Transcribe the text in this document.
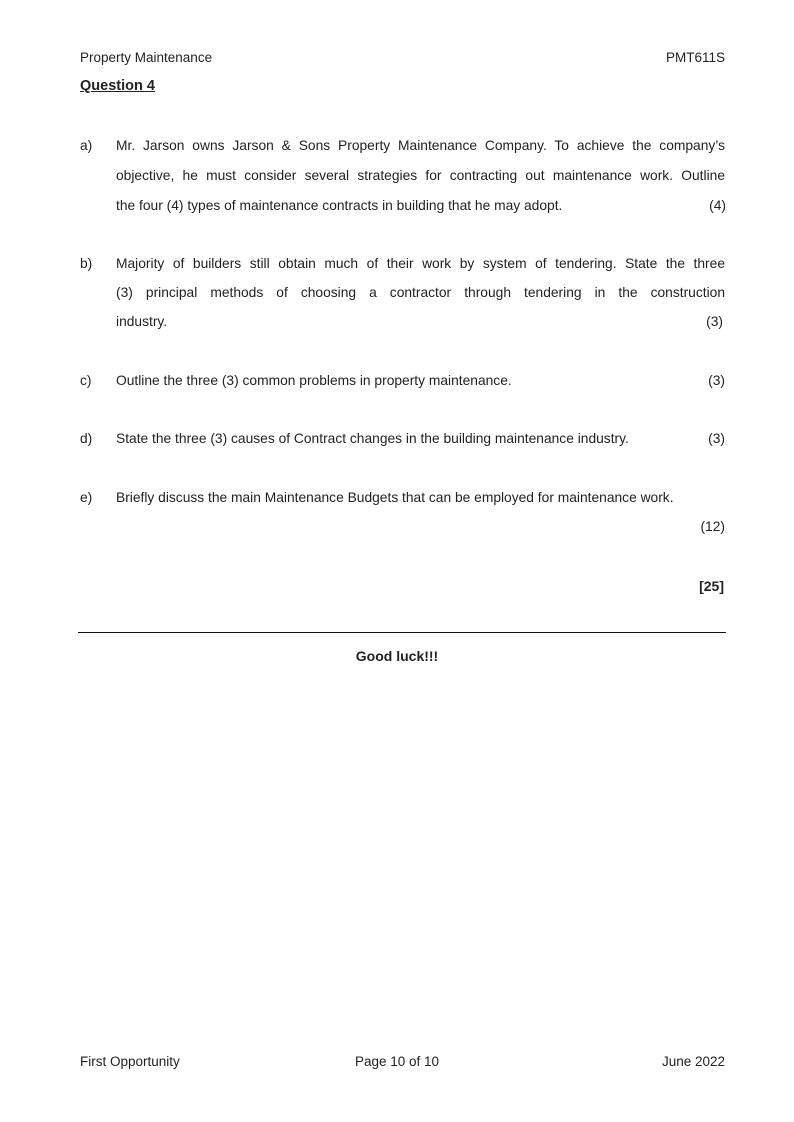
Property Maintenance	PMT611S
Question 4
a) Mr. Jarson owns Jarson & Sons Property Maintenance Company. To achieve the company’s
objective, he must consider several strategies for contracting out maintenance work. Outline
the four (4) types of maintenance contracts in building that he may adopt.	(4)
b) Majority of builders still obtain much of their work by system of tendering. State the three
(3) principal methods of choosing a contractor through tendering in the construction
industry.	(3)
c) Outline the three (3) common problems in property maintenance.	(3)
d) State the three (3) causes of Contract changes in the building maintenance industry.	(3)
e) Briefly discuss the main Maintenance Budgets that can be employed for maintenance work.
(12)
[25]
Good luck!!!
First Opportunity	Page 10 of 10	June 2022
